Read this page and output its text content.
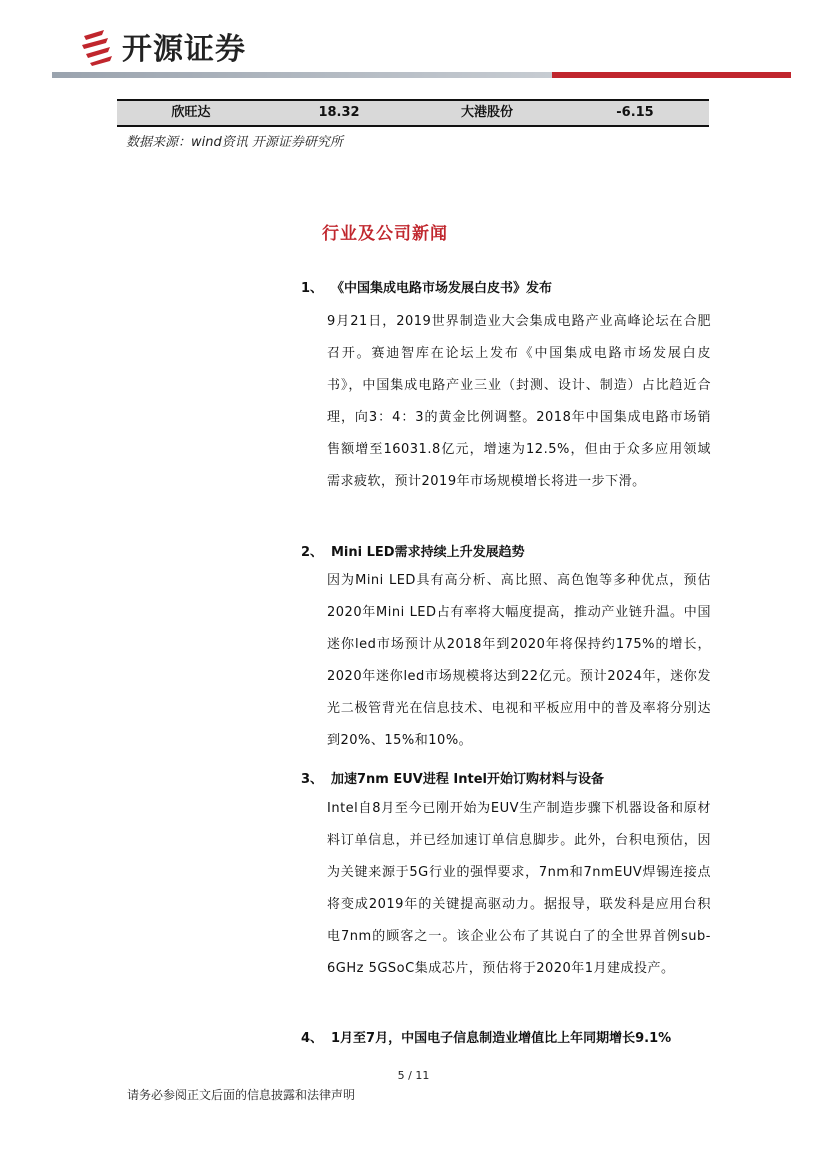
开源证券
欣旺达	18.32	大港股份	-6.15
数据来源：wind资讯 开源证券研究所
行业及公司新闻
1、 《中国集成电路市场发展白皮书》发布
9月21日，2019世界制造业大会集成电路产业高峰论坛在合肥召开。赛迪智库在论坛上发布《中国集成电路市场发展白皮书》，中国集成电路产业三业（封测、设计、制造）占比趋近合理，向3：4：3的黄金比例调整。2018年中国集成电路市场销售额增至16031.8亿元，增速为12.5%，但由于众多应用领域需求疲软，预计2019年市场规模增长将进一步下滑。
2、 Mini LED需求持续上升发展趋势
因为Mini LED具有高分析、高比照、高色饱等多种优点，预估2020年Mini LED占有率将大幅度提高，推动产业链升温。中国迷你led市场预计从2018年到2020年将保持约175%的增长，2020年迷你led市场规模将达到22亿元。预计2024年，迷你发光二极管背光在信息技术、电视和平板应用中的普及率将分别达到20%、15%和10%。
3、 加速7nm EUV进程 Intel开始订购材料与设备
Intel自8月至今已刚开始为EUV生产制造步骤下机器设备和原材料订单信息，并已经加速订单信息脚步。此外，台积电预估，因为关键来源于5G行业的强悍要求，7nm和7nmEUV焊锡连接点将变成2019年的关键提高驱动力。据报导，联发科是应用台积电7nm的顾客之一。该企业公布了其说白了的全世界首例sub-6GHz 5GSoC集成芯片，预估将于2020年1月建成投产。
4、 1月至7月，中国电子信息制造业增值比上年同期增长9.1%
5 / 11
请务必参阅正文后面的信息披露和法律声明
